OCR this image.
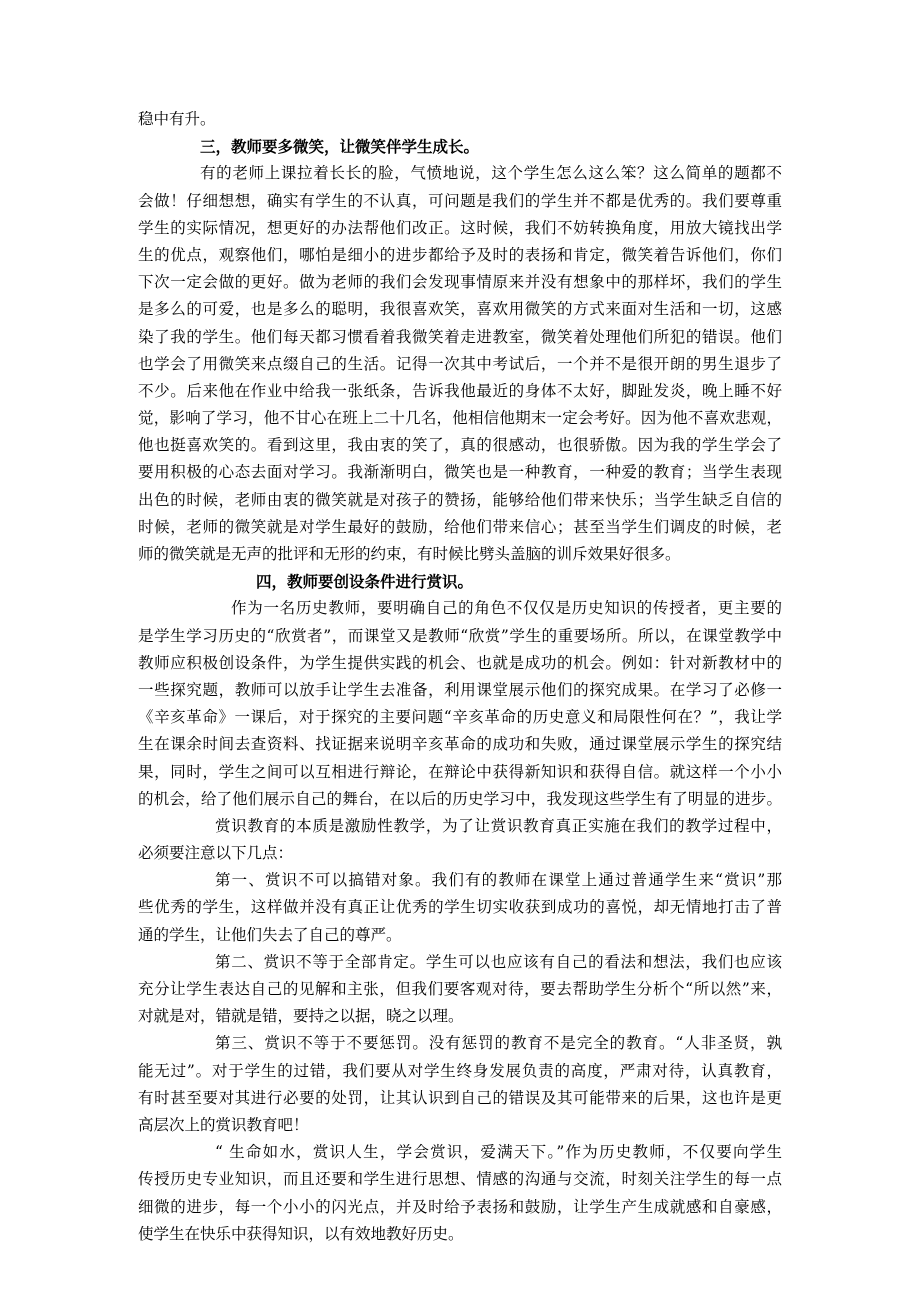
稳中有升。
三，教师要多微笑，让微笑伴学生成长。
有的老师上课拉着长长的脸，气愤地说，这个学生怎么这么笨？这么简单的题都不
会做！仔细想想，确实有学生的不认真，可问题是我们的学生并不都是优秀的。我们要尊重
学生的实际情况，想更好的办法帮他们改正。这时候，我们不妨转换角度，用放大镜找出学
生的优点，观察他们，哪怕是细小的进步都给予及时的表扬和肯定，微笑着告诉他们，你们
下次一定会做的更好。做为老师的我们会发现事情原来并没有想象中的那样坏，我们的学生
是多么的可爱，也是多么的聪明，我很喜欢笑，喜欢用微笑的方式来面对生活和一切，这感
染了我的学生。他们每天都习惯看着我微笑着走进教室，微笑着处理他们所犯的错误。他们
也学会了用微笑来点缀自己的生活。记得一次其中考试后，一个并不是很开朗的男生退步了
不少。后来他在作业中给我一张纸条，告诉我他最近的身体不太好，脚趾发炎，晚上睡不好
觉，影响了学习，他不甘心在班上二十几名，他相信他期末一定会考好。因为他不喜欢悲观，
他也挺喜欢笑的。看到这里，我由衷的笑了，真的很感动，也很骄傲。因为我的学生学会了
要用积极的心态去面对学习。我渐渐明白，微笑也是一种教育，一种爱的教育；当学生表现
出色的时候，老师由衷的微笑就是对孩子的赞扬，能够给他们带来快乐；当学生缺乏自信的
时候，老师的微笑就是对学生最好的鼓励，给他们带来信心；甚至当学生们调皮的时候，老
师的微笑就是无声的批评和无形的约束，有时候比劈头盖脑的训斥效果好很多。
四，教师要创设条件进行赏识。
作为一名历史教师，要明确自己的角色不仅仅是历史知识的传授者，更主要的
是学生学习历史的“欣赏者”，而课堂又是教师“欣赏”学生的重要场所。所以，在课堂教学中
教师应积极创设条件，为学生提供实践的机会、也就是成功的机会。例如：针对新教材中的
一些探究题，教师可以放手让学生去准备，利用课堂展示他们的探究成果。在学习了必修一
《辛亥革命》一课后，对于探究的主要问题“辛亥革命的历史意义和局限性何在？”，我让学
生在课余时间去查资料、找证据来说明辛亥革命的成功和失败，通过课堂展示学生的探究结
果，同时，学生之间可以互相进行辩论，在辩论中获得新知识和获得自信。就这样一个小小
的机会，给了他们展示自己的舞台，在以后的历史学习中，我发现这些学生有了明显的进步。
赏识教育的本质是激励性教学，为了让赏识教育真正实施在我们的教学过程中，
必须要注意以下几点：
第一、赏识不可以搞错对象。我们有的教师在课堂上通过普通学生来“赏识”那
些优秀的学生，这样做并没有真正让优秀的学生切实收获到成功的喜悦，却无情地打击了普
通的学生，让他们失去了自己的尊严。
第二、赏识不等于全部肯定。学生可以也应该有自己的看法和想法，我们也应该
充分让学生表达自己的见解和主张，但我们要客观对待，要去帮助学生分析个“所以然”来，
对就是对，错就是错，要持之以据，晓之以理。
第三、赏识不等于不要惩罚。没有惩罚的教育不是完全的教育。“人非圣贤，孰
能无过”。对于学生的过错，我们要从对学生终身发展负责的高度，严肃对待，认真教育，
有时甚至要对其进行必要的处罚，让其认识到自己的错误及其可能带来的后果，这也许是更
高层次上的赏识教育吧！
“ 生命如水，赏识人生，学会赏识，爱满天下。”作为历史教师，不仅要向学生
传授历史专业知识，而且还要和学生进行思想、情感的沟通与交流，时刻关注学生的每一点
细微的进步，每一个小小的闪光点，并及时给予表扬和鼓励，让学生产生成就感和自豪感，
使学生在快乐中获得知识，以有效地教好历史。
